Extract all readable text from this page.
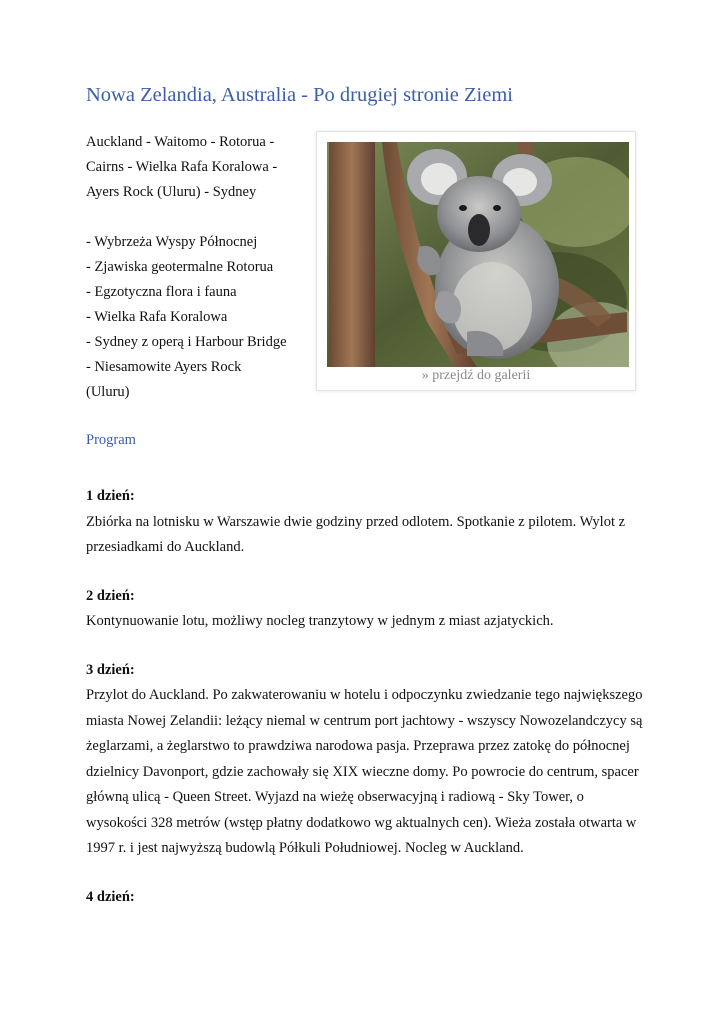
Nowa Zelandia, Australia - Po drugiej stronie Ziemi

Auckland - Waitomo - Rotorua -

Cairns - Wielka Rafa Koralowa -

Ayers Rock (Uluru) - Sydney

- Wybrzeża Wyspy Północnej

- Zjawiska geotermalne Rotorua

- Egzotyczna flora i fauna

- Wielka Rafa Koralowa

- Sydney z operą i Harbour Bridge

- Niesamowite Ayers Rock

(Uluru)

» przejdź do galerii
Program
1 dzień:

Zbiórka na lotnisku w Warszawie dwie godziny przed odlotem. Spotkanie z pilotem. Wylot z przesiadkami do Auckland.

2 dzień:

Kontynuowanie lotu, możliwy nocleg tranzytowy w jednym z miast azjatyckich.

3 dzień:

Przylot do Auckland. Po zakwaterowaniu w hotelu i odpoczynku zwiedzanie tego największego miasta Nowej Zelandii: leżący niemal w centrum port jachtowy - wszyscy Nowozelandczycy są żeglarzami, a żeglarstwo to prawdziwa narodowa pasja. Przeprawa przez zatokę do północnej dzielnicy Davonport, gdzie zachowały się XIX wieczne domy. Po powrocie do centrum, spacer główną ulicą - Queen Street. Wyjazd na wieżę obserwacyjną i radiową - Sky Tower, o wysokości 328 metrów (wstęp płatny dodatkowo wg aktualnych cen). Wieża została otwarta w 1997 r. i jest najwyższą budowlą Półkuli Południowej. Nocleg w Auckland.

4 dzień:
